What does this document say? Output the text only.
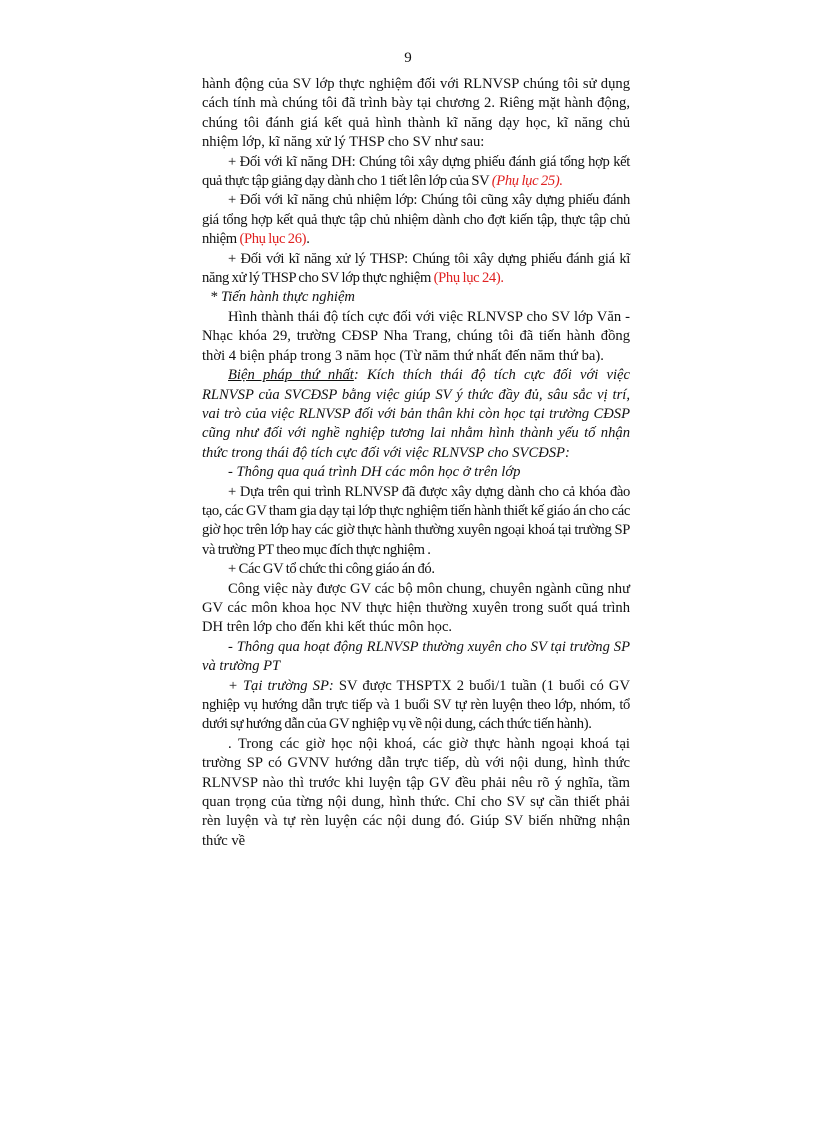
9

hành động của SV lớp thực nghiệm đối với RLNVSP chúng tôi sử dụng cách tính mà chúng tôi đã trình bày tại chương 2. Riêng mặt hành động, chúng tôi đánh giá kết quả hình thành kĩ năng dạy học, kĩ năng chủ nhiệm lớp, kĩ năng xử lý THSP cho SV như sau:

+ Đối với kĩ năng DH: Chúng tôi xây dựng phiếu đánh giá tổng hợp kết quả thực tập giảng dạy dành cho 1 tiết lên lớp của SV (Phụ lục 25).

+ Đối với kĩ năng chủ nhiệm lớp: Chúng tôi cũng xây dựng phiếu đánh giá tổng hợp kết quả thực tập chủ nhiệm dành cho đợt kiến tập, thực tập chủ nhiệm (Phụ lục 26).

+ Đối với kĩ năng xử lý THSP: Chúng tôi xây dựng phiếu đánh giá kĩ năng xử lý THSP cho SV lớp thực nghiệm (Phụ lục 24).

* Tiến hành thực nghiệm

Hình thành thái độ tích cực đối với việc RLNVSP cho SV lớp Văn - Nhạc khóa 29, trường CĐSP Nha Trang, chúng tôi đã tiến hành đồng thời 4 biện pháp trong 3 năm học (Từ năm thứ nhất đến năm thứ ba).

Biện pháp thứ nhất: Kích thích thái độ tích cực đối với việc RLNVSP của SVCĐSP bằng việc giúp SV ý thức đầy đủ, sâu sắc vị trí, vai trò của việc RLNVSP đối với bản thân khi còn học tại trường CĐSP cũng như đối với nghề nghiệp tương lai nhằm hình thành yếu tố nhận thức trong thái độ tích cực đối với việc RLNVSP cho SVCĐSP:

- Thông qua quá trình DH các môn học ở trên lớp

+ Dựa trên qui trình RLNVSP đã được xây dựng dành cho cả khóa đào tạo, các GV tham gia dạy tại lớp thực nghiệm tiến hành thiết kế giáo án cho các giờ học trên lớp hay các giờ thực hành thường xuyên ngoại khoá tại trường SP và trường PT theo mục đích thực nghiệm .

+ Các GV tổ chức thi công giáo án đó.

Công việc này được GV các bộ môn chung, chuyên ngành cũng như GV các môn khoa học NV thực hiện thường xuyên trong suốt quá trình DH trên lớp cho đến khi kết thúc môn học.

- Thông qua hoạt động RLNVSP thường xuyên cho SV tại trường SP và trường PT

+ Tại trường SP: SV được THSPTX 2 buổi/1 tuần (1 buổi có GV nghiệp vụ hướng dẫn trực tiếp và 1 buổi SV tự rèn luyện theo lớp, nhóm, tổ dưới sự hướng dẫn của GV nghiệp vụ về nội dung, cách thức tiến hành).

. Trong các giờ học nội khoá, các giờ thực hành ngoại khoá tại trường SP có GVNV hướng dẫn trực tiếp, dù với nội dung, hình thức RLNVSP nào thì trước khi luyện tập GV đều phải nêu rõ ý nghĩa, tầm quan trọng của từng nội dung, hình thức. Chỉ cho SV sự cần thiết phải rèn luyện và tự rèn luyện các nội dung đó. Giúp SV biến những nhận thức về
